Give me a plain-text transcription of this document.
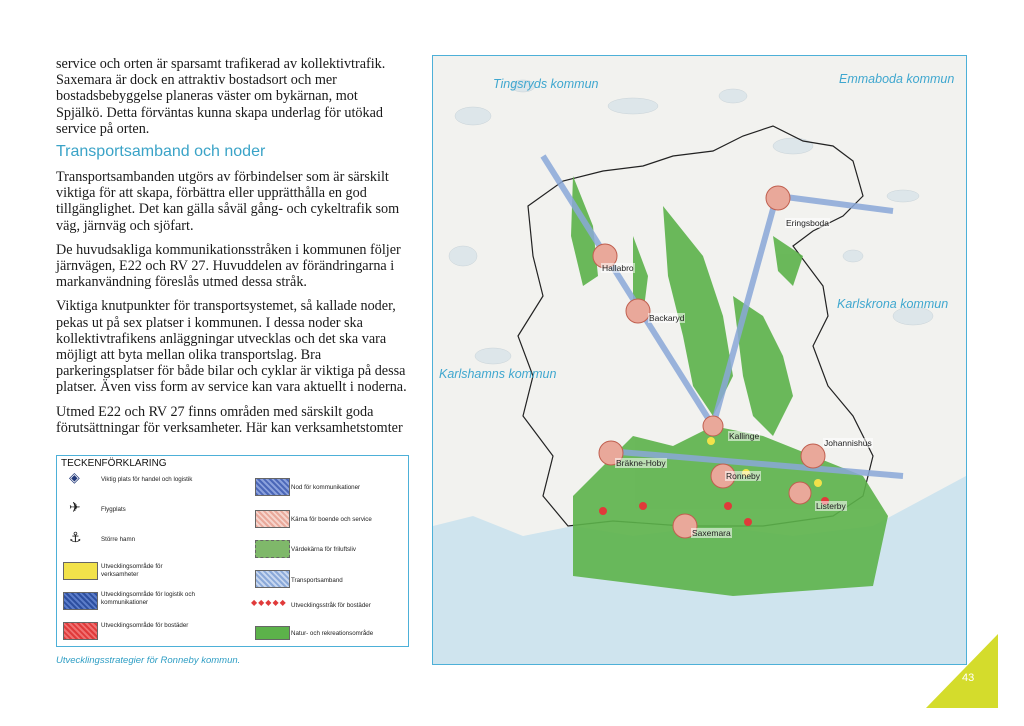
service och orten är sparsamt trafikerad av kollektivtrafik. Saxemara är dock en attraktiv bostadsort och mer bostadsbebyggelse planeras väster om bykärnan, mot Spjälkö. Detta förväntas kunna skapa underlag för utökad service på orten.

Transportsamband och noder

Transportsambanden utgörs av förbindelser som är särskilt viktiga för att skapa, förbättra eller upprätthålla en god tillgänglighet. Det kan gälla såväl gång- och cykeltrafik som väg, järnväg och sjöfart.

De huvudsakliga kommunikationsstråken i kommunen följer järnvägen, E22 och RV 27. Huvuddelen av förändringarna i markanvändning föreslås utmed dessa stråk.

Viktiga knutpunkter för transportsystemet, så kallade noder, pekas ut på sex platser i kommunen. I dessa noder ska kollektivtrafikens anläggningar utvecklas och det ska vara möjligt att byta mellan olika transportslag. Bra parkeringsplatser för både bilar och cyklar är viktiga på dessa platser. Även viss form av service kan vara aktuellt i noderna.

Utmed E22 och RV 27 finns områden med särskilt goda förutsättningar för verksamheter. Här kan verksamhetstomter

TECKENFÖRKLARING
◈	Viktig plats för handel och logistik
✈	Flygplats
⚓	Större hamn
Utvecklingsområde för verksamheter
Utvecklingsområde för logistik och kommunikationer
Utvecklingsområde för bostäder
Nod för kommunikationer
Kärna för boende och service
Värdekärna för friluftsliv
Transportsamband
◆◆◆◆◆ Utvecklingsstråk för bostäder
Natur- och rekreationsområde
Utvecklingsstrategier för Ronneby kommun.
Tingsryds kommun	Emmaboda kommun
Karlskrona kommun
Karlshamns kommun
Eringsboda
Hallabro
Backaryd
Kallinge
Bräkne-Hoby
Ronneby
Johannishus
Listerby
Saxemara
43
